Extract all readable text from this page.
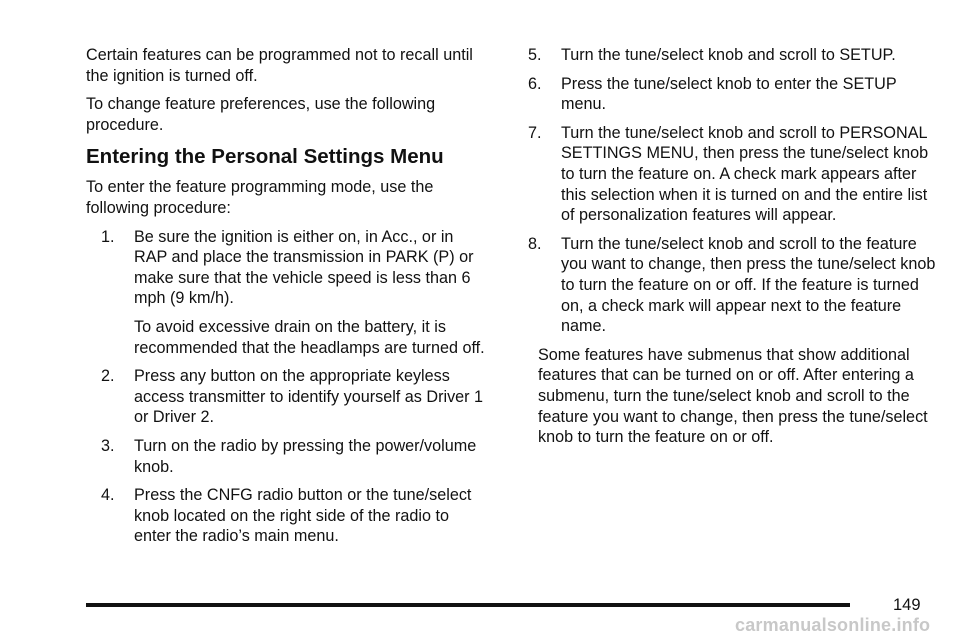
Certain features can be programmed not to recall until the ignition is turned off.

To change feature preferences, use the following procedure.

Entering the Personal Settings Menu

To enter the feature programming mode, use the following procedure:

1.	Be sure the ignition is either on, in Acc., or in RAP and place the transmission in PARK (P) or make sure that the vehicle speed is less than 6 mph (9 km/h).

To avoid excessive drain on the battery, it is recommended that the headlamps are turned off.

2.	Press any button on the appropriate keyless access transmitter to identify yourself as Driver 1 or Driver 2.

3.	Turn on the radio by pressing the power/volume knob.

4.	Press the CNFG radio button or the tune/select knob located on the right side of the radio to enter the radio’s main menu.

5.	Turn the tune/select knob and scroll to SETUP.

6.	Press the tune/select knob to enter the SETUP menu.

7.	Turn the tune/select knob and scroll to PERSONAL SETTINGS MENU, then press the tune/select knob to turn the feature on. A check mark appears after this selection when it is turned on and the entire list of personalization features will appear.

8.	Turn the tune/select knob and scroll to the feature you want to change, then press the tune/select knob to turn the feature on or off. If the feature is turned on, a check mark will appear next to the feature name.

Some features have submenus that show additional features that can be turned on or off. After entering a submenu, turn the tune/select knob and scroll to the feature you want to change, then press the tune/select knob to turn the feature on or off.

149
carmanualsonline.info
